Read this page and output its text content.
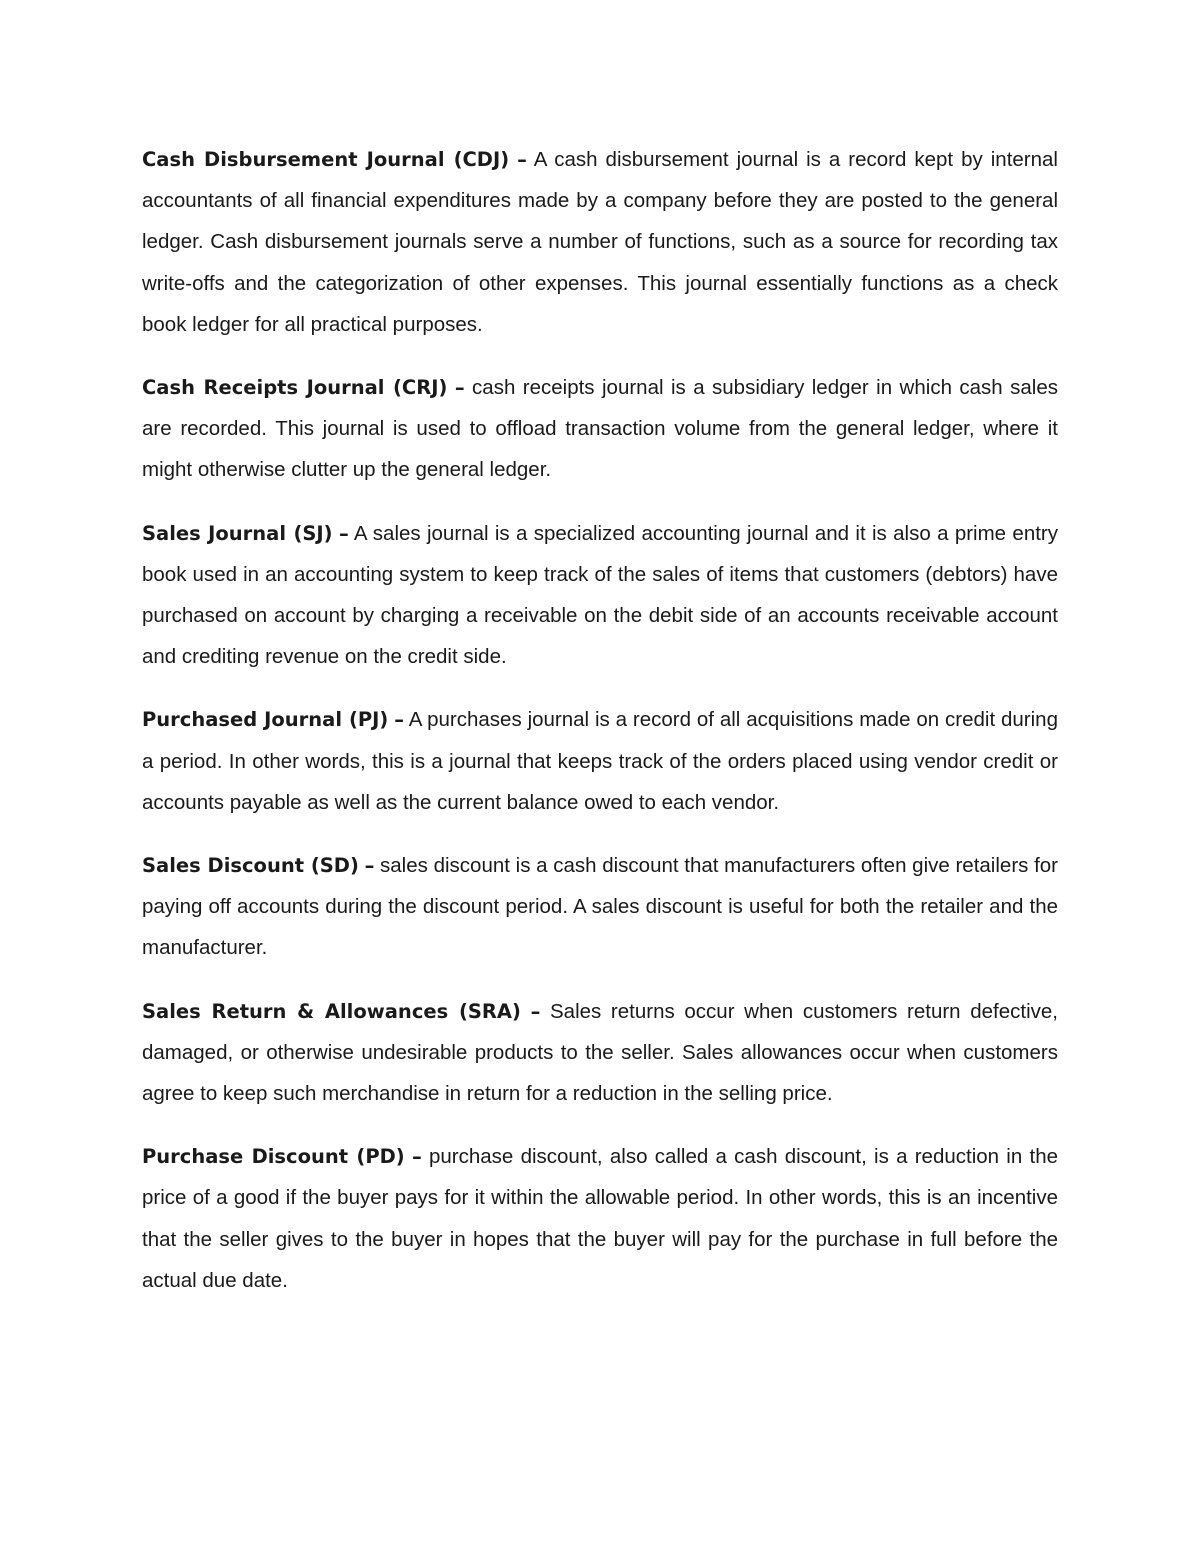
Cash Disbursement Journal (CDJ) – A cash disbursement journal is a record kept by internal accountants of all financial expenditures made by a company before they are posted to the general ledger. Cash disbursement journals serve a number of functions, such as a source for recording tax write-offs and the categorization of other expenses. This journal essentially functions as a check book ledger for all practical purposes.

Cash Receipts Journal (CRJ) – cash receipts journal is a subsidiary ledger in which cash sales are recorded. This journal is used to offload transaction volume from the general ledger, where it might otherwise clutter up the general ledger.

Sales Journal (SJ) – A sales journal is a specialized accounting journal and it is also a prime entry book used in an accounting system to keep track of the sales of items that customers (debtors) have purchased on account by charging a receivable on the debit side of an accounts receivable account and crediting revenue on the credit side.

Purchased Journal (PJ) – A purchases journal is a record of all acquisitions made on credit during a period. In other words, this is a journal that keeps track of the orders placed using vendor credit or accounts payable as well as the current balance owed to each vendor.

Sales Discount (SD) – sales discount is a cash discount that manufacturers often give retailers for paying off accounts during the discount period. A sales discount is useful for both the retailer and the manufacturer.

Sales Return & Allowances (SRA) – Sales returns occur when customers return defective, damaged, or otherwise undesirable products to the seller. Sales allowances occur when customers agree to keep such merchandise in return for a reduction in the selling price.

Purchase Discount (PD) – purchase discount, also called a cash discount, is a reduction in the price of a good if the buyer pays for it within the allowable period. In other words, this is an incentive that the seller gives to the buyer in hopes that the buyer will pay for the purchase in full before the actual due date.
